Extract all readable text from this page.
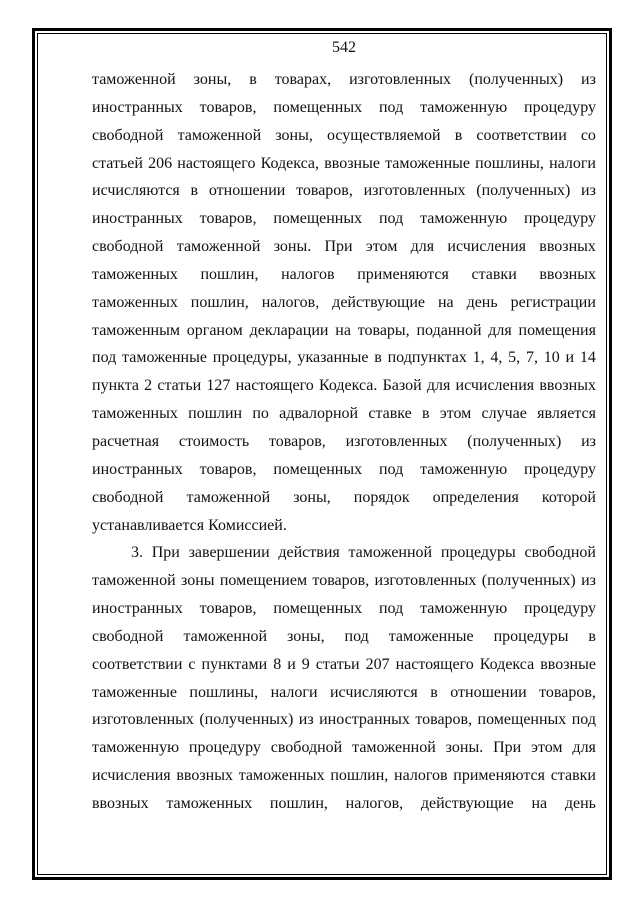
542
таможенной зоны, в товарах, изготовленных (полученных) из
иностранных товаров, помещенных под таможенную процедуру
свободной таможенной зоны, осуществляемой в соответствии со
статьей 206 настоящего Кодекса, ввозные таможенные пошлины, налоги
исчисляются в отношении товаров, изготовленных (полученных) из
иностранных товаров, помещенных под таможенную процедуру
свободной таможенной зоны. При этом для исчисления ввозных
таможенных пошлин, налогов применяются ставки ввозных
таможенных пошлин, налогов, действующие на день регистрации
таможенным органом декларации на товары, поданной для помещения
под таможенные процедуры, указанные в подпунктах 1, 4, 5, 7, 10 и 14
пункта 2 статьи 127 настоящего Кодекса. Базой для исчисления ввозных
таможенных пошлин по адвалорной ставке в этом случае является
расчетная стоимость товаров, изготовленных (полученных) из
иностранных товаров, помещенных под таможенную процедуру
свободной таможенной зоны, порядок определения которой
устанавливается Комиссией.
3. При завершении действия таможенной процедуры свободной
таможенной зоны помещением товаров, изготовленных (полученных) из
иностранных товаров, помещенных под таможенную процедуру
свободной таможенной зоны, под таможенные процедуры в
соответствии с пунктами 8 и 9 статьи 207 настоящего Кодекса ввозные
таможенные пошлины, налоги исчисляются в отношении товаров,
изготовленных (полученных) из иностранных товаров, помещенных под
таможенную процедуру свободной таможенной зоны. При этом для
исчисления ввозных таможенных пошлин, налогов применяются ставки
ввозных таможенных пошлин, налогов, действующие на день
